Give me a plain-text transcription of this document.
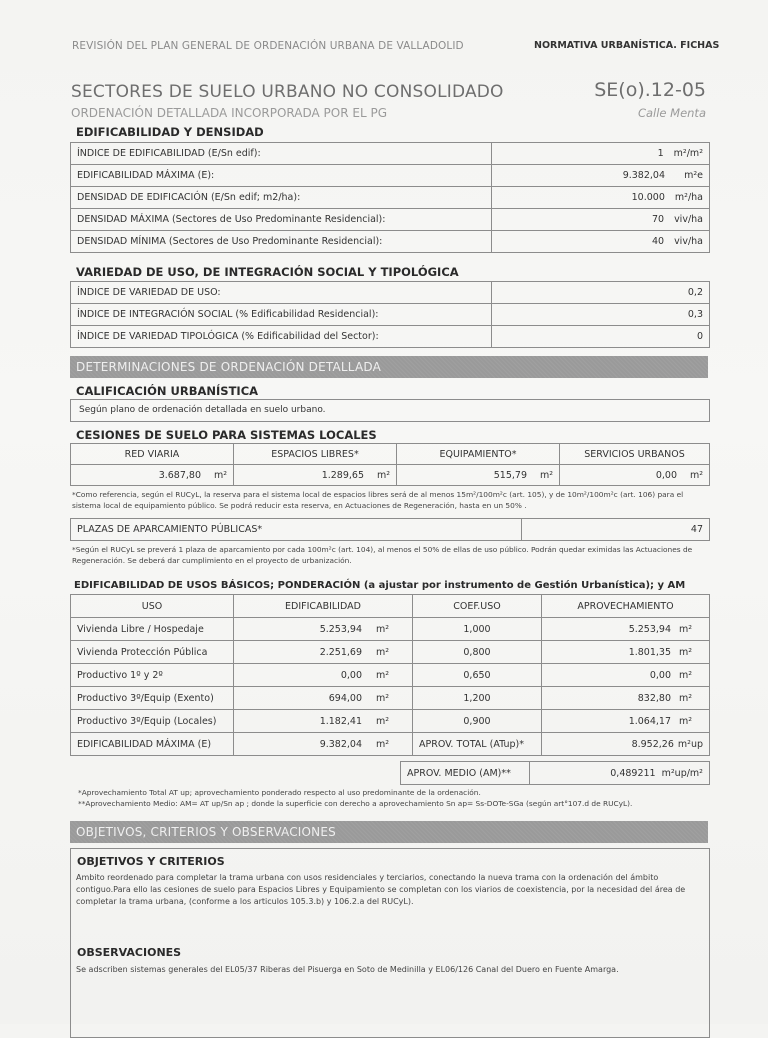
REVISIÓN DEL PLAN GENERAL DE ORDENACIÓN URBANA DE VALLADOLID	NORMATIVA URBANÍSTICA. FICHAS
SECTORES DE SUELO URBANO NO CONSOLIDADO
ORDENACIÓN DETALLADA INCORPORADA POR EL PG
SE(o).12-05
Calle Menta
EDIFICABILIDAD Y DENSIDAD
ÍNDICE DE EDIFICABILIDAD (E/Sn edif):	1 m²/m²
EDIFICABILIDAD MÁXIMA (E):	9.382,04 m²e
DENSIDAD DE EDIFICACIÓN (E/Sn edif; m2/ha):	10.000 m²/ha
DENSIDAD MÁXIMA (Sectores de Uso Predominante Residencial):	70 viv/ha
DENSIDAD MÍNIMA (Sectores de Uso Predominante Residencial):	40 viv/ha
VARIEDAD DE USO, DE INTEGRACIÓN SOCIAL Y TIPOLÓGICA
ÍNDICE DE VARIEDAD DE USO:	0,2
ÍNDICE DE INTEGRACIÓN SOCIAL (% Edificabilidad Residencial):	0,3
ÍNDICE DE VARIEDAD TIPOLÓGICA (% Edificabilidad del Sector):	0
DETERMINACIONES DE ORDENACIÓN DETALLADA
CALIFICACIÓN URBANÍSTICA
Según plano de ordenación detallada en suelo urbano.
CESIONES DE SUELO PARA SISTEMAS LOCALES
RED VIARIA	ESPACIOS LIBRES*	EQUIPAMIENTO*	SERVICIOS URBANOS
3.687,80 m²	1.289,65 m²	515,79 m²	0,00 m²
*Como referencia, según el RUCyL, la reserva para el sistema local de espacios libres será de al menos 15m²/100m²c (art. 105), y de 10m²/100m²c (art. 106) para el sistema local de equipamiento público. Se podrá reducir esta reserva, en Actuaciones de Regeneración, hasta en un 50% .
PLAZAS DE APARCAMIENTO PÚBLICAS*	47
*Según el RUCyL se preverá 1 plaza de aparcamiento por cada 100m²c (art. 104), al menos el 50% de ellas de uso público. Podrán quedar eximidas las Actuaciones de Regeneración. Se deberá dar cumplimiento en el proyecto de urbanización.
EDIFICABILIDAD DE USOS BÁSICOS; PONDERACIÓN (a ajustar por instrumento de Gestión Urbanística); y AM
USO	EDIFICABILIDAD	COEF.USO	APROVECHAMIENTO
Vivienda Libre / Hospedaje	5.253,94 m²	1,000	5.253,94 m²
Vivienda Protección Pública	2.251,69 m²	0,800	1.801,35 m²
Productivo 1º y 2º	0,00 m²	0,650	0,00 m²
Productivo 3º/Equip (Exento)	694,00 m²	1,200	832,80 m²
Productivo 3º/Equip (Locales)	1.182,41 m²	0,900	1.064,17 m²
EDIFICABILIDAD MÁXIMA (E)	9.382,04 m²	APROV. TOTAL (ATup)*	8.952,26 m²up
APROV. MEDIO (AM)**	0,489211 m²up/m²
*Aprovechamiento Total AT up; aprovechamiento ponderado respecto al uso predominante de la ordenación.
**Aprovechamiento Medio: AM= AT up/Sn ap ; donde la superficie con derecho a aprovechamiento Sn ap= Ss-DOTe-SGa (según art°107.d de RUCyL).
OBJETIVOS, CRITERIOS Y OBSERVACIONES
OBJETIVOS Y CRITERIOS
Ambito reordenado para completar la trama urbana con usos residenciales y terciarios, conectando la nueva trama con la ordenación del ámbito contiguo.Para ello las cesiones de suelo para Espacios Libres y Equipamiento se completan con los viarios de coexistencia, por la necesidad del área de completar la trama urbana, (conforme a los articulos 105.3.b) y 106.2.a del RUCyL).
OBSERVACIONES
Se adscriben sistemas generales del EL05/37 Riberas del Pisuerga en Soto de Medinilla y EL06/126 Canal del Duero en Fuente Amarga.
